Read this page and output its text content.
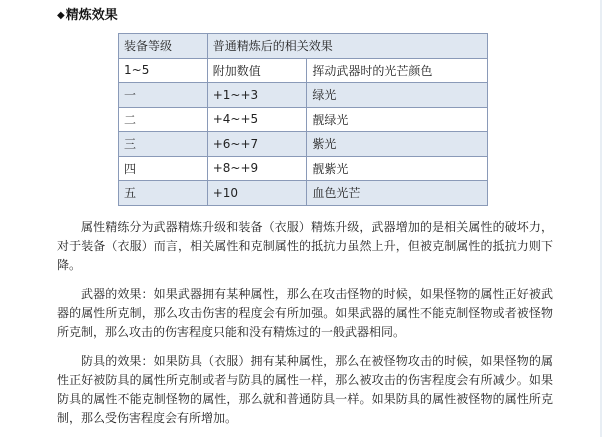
◆精炼效果
装备等级	普通精炼后的相关效果	
1~5	附加数值	挥动武器时的光芒颜色
一	+1~+3	绿光
二	+4~+5	靓绿光
三	+6~+7	紫光
四	+8~+9	靓紫光
五	+10	血色光芒

属性精练分为武器精炼升级和装备（衣服）精炼升级，武器增加的是相关属性的破坏力，对于装备（衣服）而言，相关属性和克制属性的抵抗力虽然上升，但被克制属性的抵抗力则下降。

武器的效果：如果武器拥有某种属性，那么在攻击怪物的时候，如果怪物的属性正好被武器的属性所克制，那么攻击伤害的程度会有所加强。如果武器的属性不能克制怪物或者被怪物所克制，那么攻击的伤害程度只能和没有精炼过的一般武器相同。

防具的效果：如果防具（衣服）拥有某种属性，那么在被怪物攻击的时候，如果怪物的属性正好被防具的属性所克制或者与防具的属性一样，那么被攻击的伤害程度会有所减少。如果防具的属性不能克制怪物的属性，那么就和普通防具一样。如果防具的属性被怪物的属性所克制，那么受伤害程度会有所增加。
